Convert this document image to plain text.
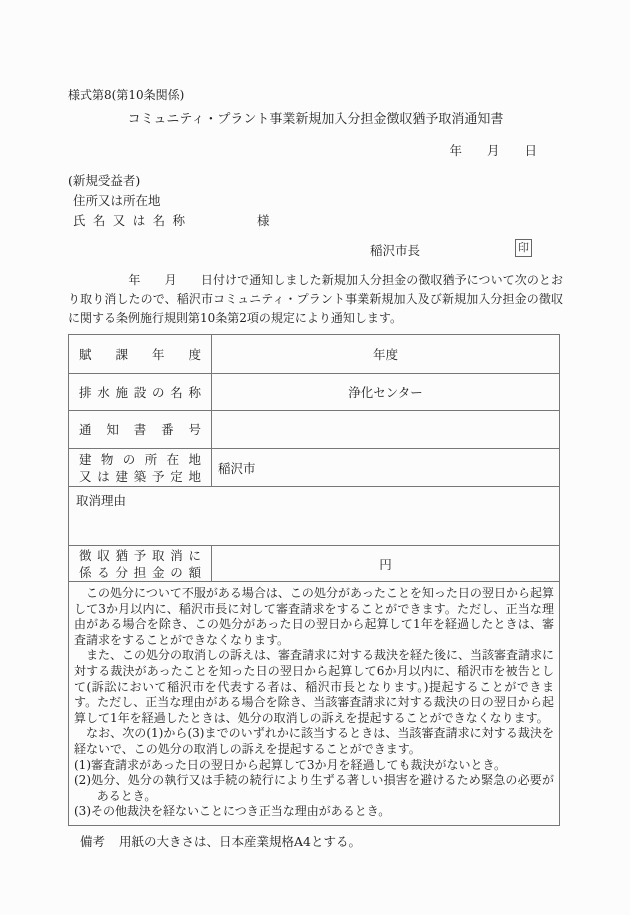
様式第8(第10条関係)
コミュニティ・プラント事業新規加入分担金徴収猶予取消通知書
年　　月　　日
(新規受益者)
住所又は所在地
氏名又は名称	様
稲沢市長	印

　　　　　年　　月　　日付けで通知しました新規加入分担金の徴収猶予について次のとおり取り消したので、稲沢市コミュニティ・プラント事業新規加入及び新規加入分担金の徴収に関する条例施行規則第10条第2項の規定により通知します。

賦課年度	年度

排水施設の名称	浄化センター

通知書番号	

建物の所在地
又は建築予定地	稲沢市

取消理由	

徴収猶予取消に
係る分担金の額	円

　この処分について不服がある場合は、この処分があったことを知った日の翌日から起算して3か月以内に、稲沢市長に対して審査請求をすることができます。ただし、正当な理由がある場合を除き、この処分があった日の翌日から起算して1年を経過したときは、審査請求をすることができなくなります。

　また、この処分の取消しの訴えは、審査請求に対する裁決を経た後に、当該審査請求に対する裁決があったことを知った日の翌日から起算して6か月以内に、稲沢市を被告として(訴訟において稲沢市を代表する者は、稲沢市長となります。)提起することができます。ただし、正当な理由がある場合を除き、当該審査請求に対する裁決の日の翌日から起算して1年を経過したときは、処分の取消しの訴えを提起することができなくなります。

　なお、次の(1)から(3)までのいずれかに該当するときは、当該審査請求に対する裁決を経ないで、この処分の取消しの訴えを提起することができます。

(1)審査請求があった日の翌日から起算して3か月を経過しても裁決がないとき。

(2)処分、処分の執行又は手続の続行により生ずる著しい損害を避けるため緊急の必要があるとき。

(3)その他裁決を経ないことにつき正当な理由があるとき。

備考 用紙の大きさは、日本産業規格A4とする。
